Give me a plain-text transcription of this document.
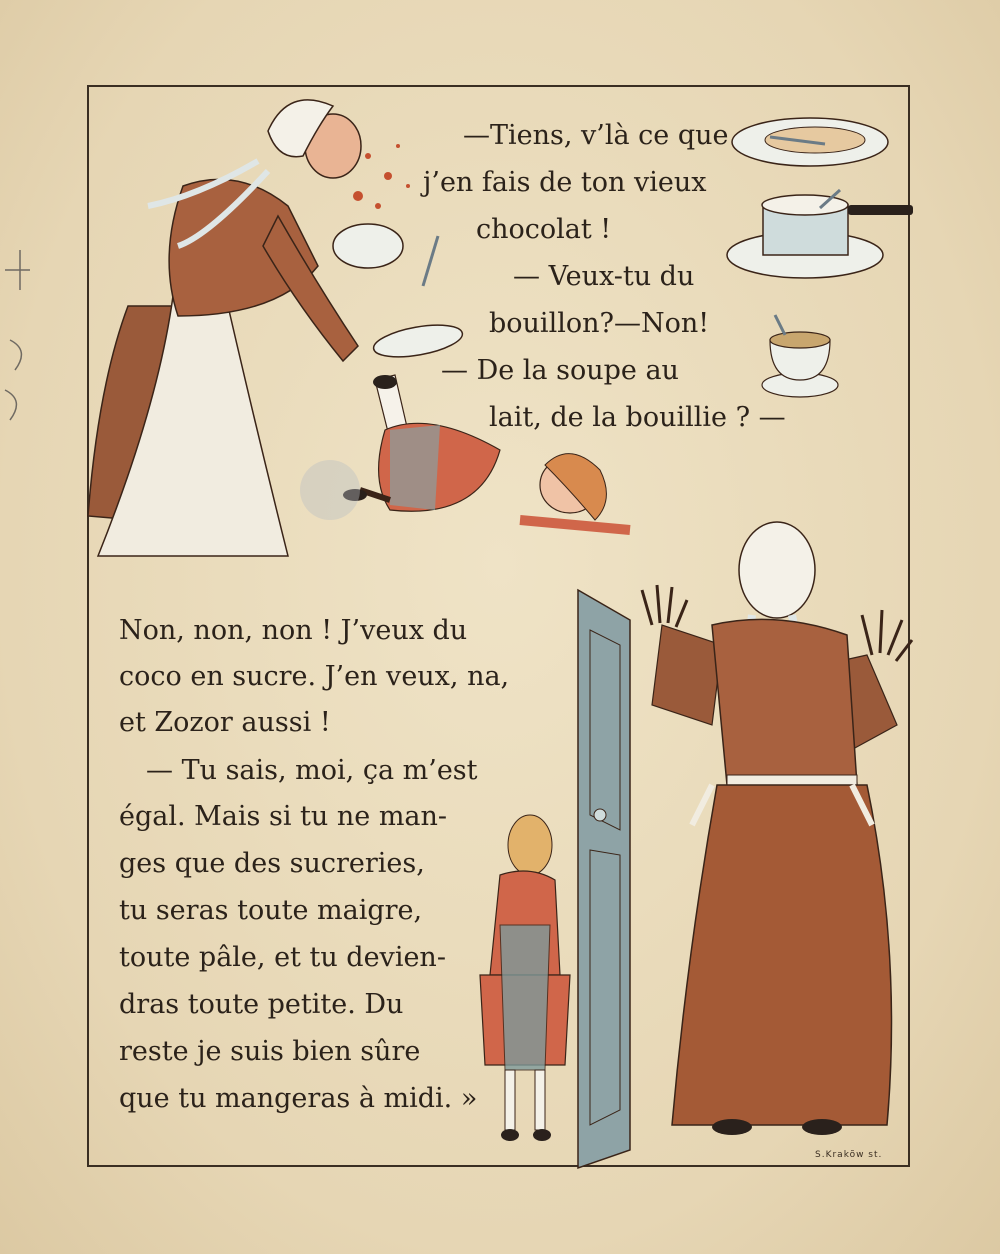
—Tiens, v’là ce que
j’en fais de ton vieux
chocolat !
— Veux-tu du
bouillon?—Non!
— De la soupe au
lait, de la bouillie ? —
Non, non, non ! J’veux du
coco en sucre. J’en veux, na,
et Zozor aussi !
— Tu sais, moi, ça m’est
égal. Mais si tu ne man-
ges que des sucreries,
tu seras toute maigre,
toute pâle, et tu devien-
dras toute petite. Du
reste je suis bien sûre
que tu mangeras à midi. »
S.Krakõw st.
